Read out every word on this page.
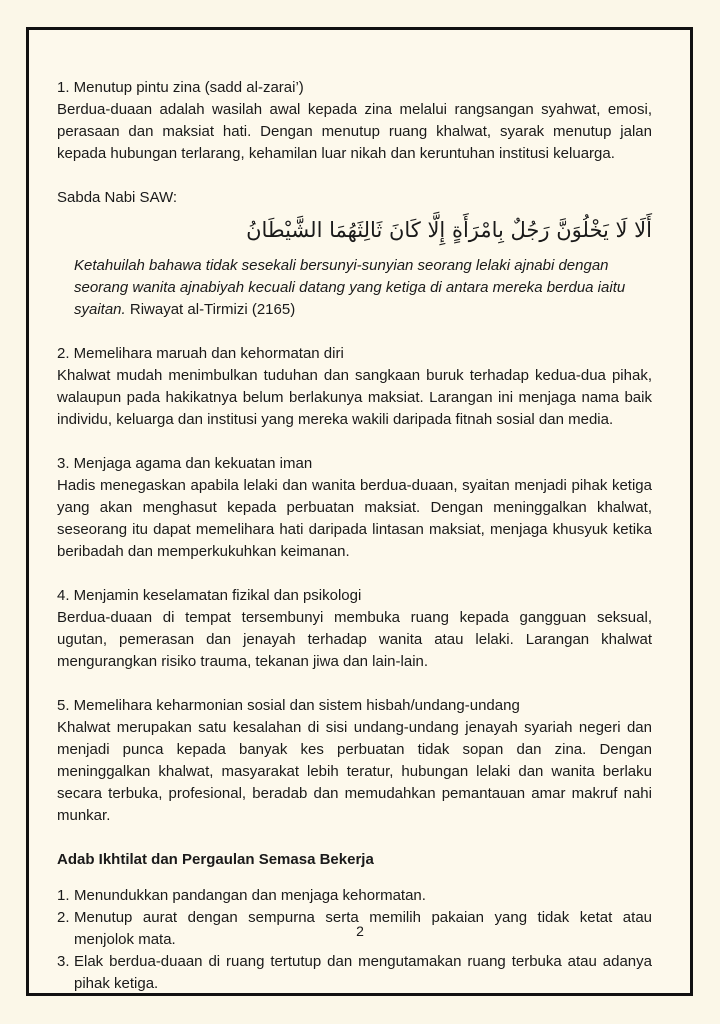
1. Menutup pintu zina (sadd al-zarai’)

Berdua-duaan adalah wasilah awal kepada zina melalui rangsangan syahwat, emosi, perasaan dan maksiat hati. Dengan menutup ruang khalwat, syarak menutup jalan kepada hubungan terlarang, kehamilan luar nikah dan keruntuhan institusi keluarga.

Sabda Nabi SAW:

أَلَا لَا يَخْلُوَنَّ رَجُلٌ بِامْرَأَةٍ إِلَّا كَانَ ثَالِثَهُمَا الشَّيْطَانُ

Ketahuilah bahawa tidak sesekali bersunyi-sunyian seorang lelaki ajnabi dengan seorang wanita ajnabiyah kecuali datang yang ketiga di antara mereka berdua iaitu syaitan. Riwayat al-Tirmizi (2165)

2. Memelihara maruah dan kehormatan diri

Khalwat mudah menimbulkan tuduhan dan sangkaan buruk terhadap kedua-dua pihak, walaupun pada hakikatnya belum berlakunya maksiat. Larangan ini menjaga nama baik individu, keluarga dan institusi yang mereka wakili daripada fitnah sosial dan media.

3. Menjaga agama dan kekuatan iman

Hadis menegaskan apabila lelaki dan wanita berdua-duaan, syaitan menjadi pihak ketiga yang akan menghasut kepada perbuatan maksiat. Dengan meninggalkan khalwat, seseorang itu dapat memelihara hati daripada lintasan maksiat, menjaga khusyuk ketika beribadah dan memperkukuhkan keimanan.

4. Menjamin keselamatan fizikal dan psikologi

Berdua-duaan di tempat tersembunyi membuka ruang kepada gangguan seksual, ugutan, pemerasan dan jenayah terhadap wanita atau lelaki. Larangan khalwat mengurangkan risiko trauma, tekanan jiwa dan lain-lain.

5. Memelihara keharmonian sosial dan sistem hisbah/undang-undang

Khalwat merupakan satu kesalahan di sisi undang-undang jenayah syariah negeri dan menjadi punca kepada banyak kes perbuatan tidak sopan dan zina. Dengan meninggalkan khalwat, masyarakat lebih teratur, hubungan lelaki dan wanita berlaku secara terbuka, profesional, beradab dan memudahkan pemantauan amar makruf nahi munkar.

Adab Ikhtilat dan Pergaulan Semasa Bekerja

1. Menundukkan pandangan dan menjaga kehormatan.
2. Menutup aurat dengan sempurna serta memilih pakaian yang tidak ketat atau menjolok mata.
3. Elak berdua-duaan di ruang tertutup dan mengutamakan ruang terbuka atau adanya pihak ketiga.
2
